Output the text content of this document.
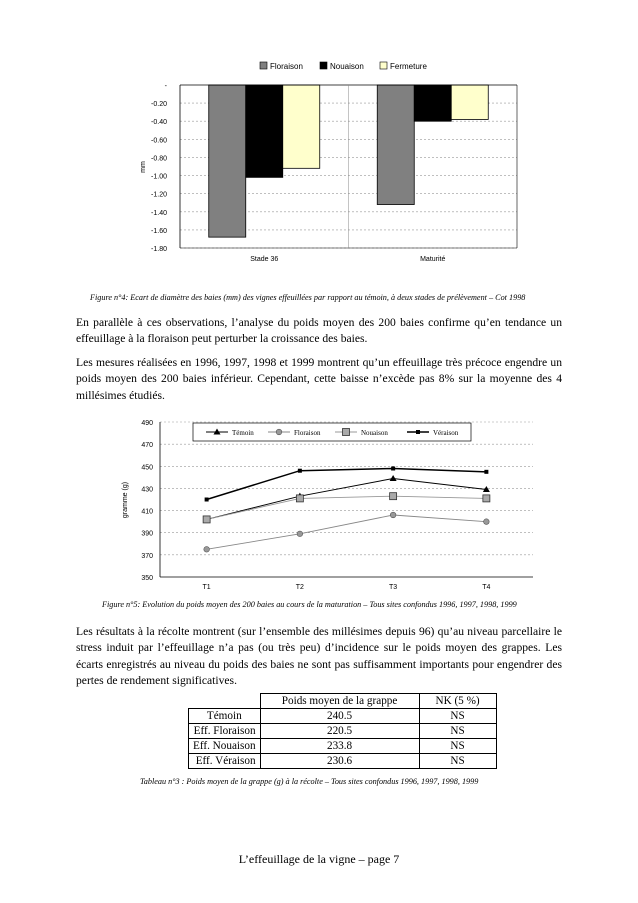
Floraison	Nouaison	Fermeture
-
-0.20
-0.40
-0.60
-0.80
-1.00
-1.20
-1.40
-1.60
-1.80
mm
Stade 36	Maturité
Figure n°4: Ecart de diamètre des baies (mm) des vignes effeuillées par rapport au témoin, à deux stades de prélèvement – Cot 1998

En parallèle à ces observations, l’analyse du poids moyen des 200 baies confirme qu’en tendance un effeuillage à la floraison peut perturber la croissance des baies.

Les mesures réalisées en 1996, 1997, 1998 et 1999 montrent qu’un effeuillage très précoce engendre un poids moyen des 200 baies inférieur. Cependant, cette baisse n’excède pas 8% sur la moyenne des 4 millésimes étudiés.

350
370
390
410
430
450
470
490
T1	T2	T3	T4
gramme (g)
Témoin	Floraison	Nouaison	Véraison
Figure n°5: Evolution du poids moyen des 200 baies au cours de la maturation – Tous sites confondus 1996, 1997, 1998, 1999

Les résultats à la récolte montrent (sur l’ensemble des millésimes depuis 96) qu’au niveau parcellaire le stress induit par l’effeuillage n’a pas (ou très peu) d’incidence sur le poids moyen des grappes. Les écarts enregistrés au niveau du poids des baies ne sont pas suffisamment importants pour engendrer des pertes de rendement significatives.

	Poids moyen de la grappe	NK (5 %)
Témoin	240.5	NS
Eff. Floraison	220.5	NS
Eff. Nouaison	233.8	NS
Eff. Véraison	230.6	NS
Tableau n°3 : Poids moyen de la grappe (g) à la récolte – Tous sites confondus 1996, 1997, 1998, 1999
L’effeuillage de la vigne – page 7
